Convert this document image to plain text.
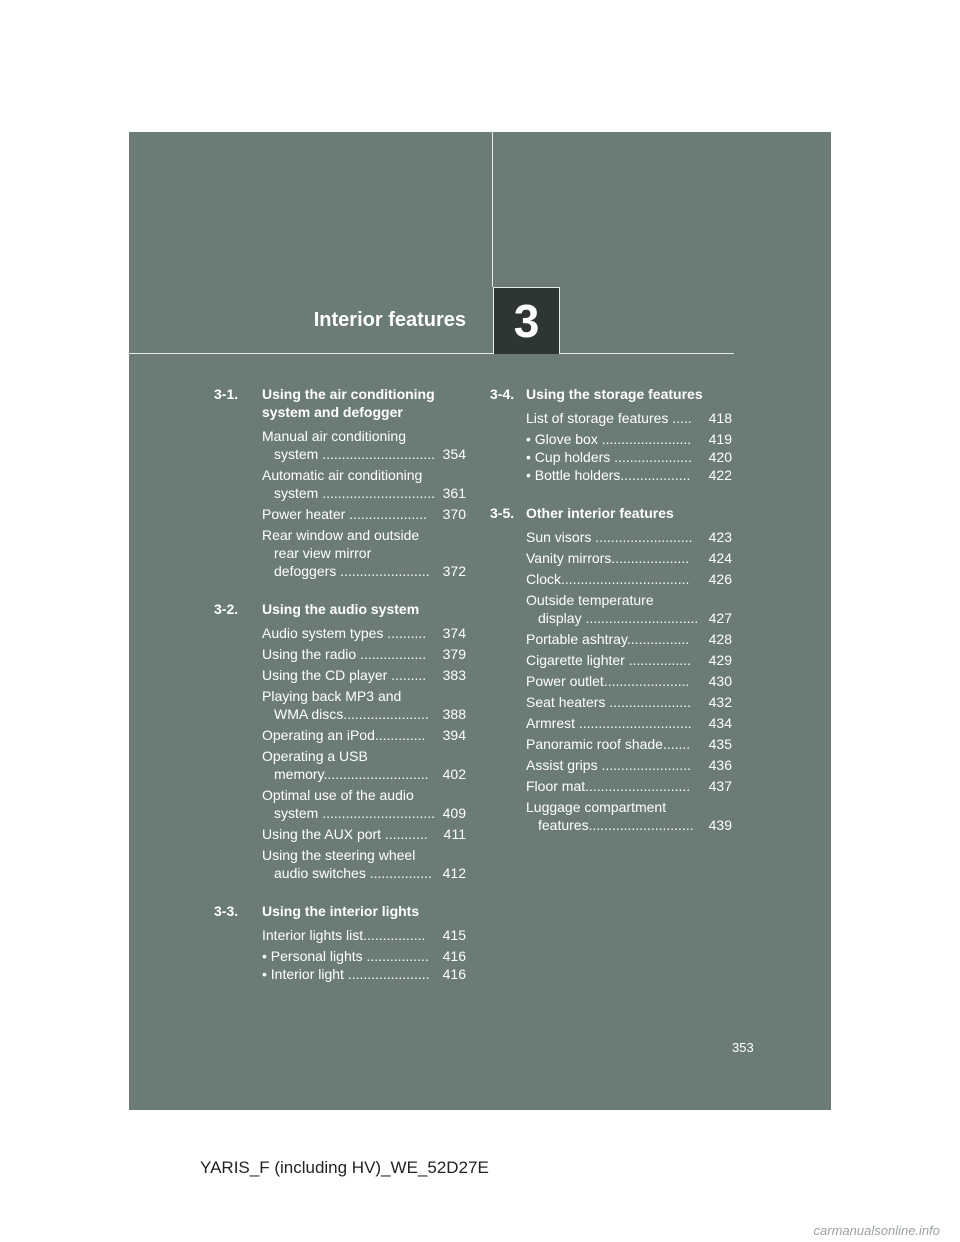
Interior features 3
3-1.	Using the air conditioning
system and defogger
Manual air conditioning
system ............................. 354
Automatic air conditioning
system ............................. 361
Power heater ....................	370
Rear window and outside
rear view mirror
defoggers ....................... 372
3-2.	Using the audio system
Audio system types ..........	374
Using the radio .................	379
Using the CD player .........	383
Playing back MP3 and
WMA discs...................... 388
Operating an iPod.............	394
Operating a USB
memory...........................	402
Optimal use of the audio
system ............................. 409
Using the AUX port ...........	411
Using the steering wheel
audio switches ................ 412
3-3.	Using the interior lights
Interior lights list................	415
• Personal lights ................ 416
• Interior light ..................... 416
3-4. Using the storage features
List of storage features .....	418
• Glove box .......................	419
• Cup holders ....................	420
• Bottle holders..................	422
3-5. Other interior features
Sun visors .........................	423
Vanity mirrors....................	424
Clock.................................	426
Outside temperature
display ............................. 427
Portable ashtray................	428
Cigarette lighter ................	429
Power outlet......................	430
Seat heaters .....................	432
Armrest .............................	434
Panoramic roof shade.......	435
Assist grips .......................	436
Floor mat...........................	437
Luggage compartment
features...........................	439
353
YARIS_F (including HV)_WE_52D27E
carmanualsonline.info
